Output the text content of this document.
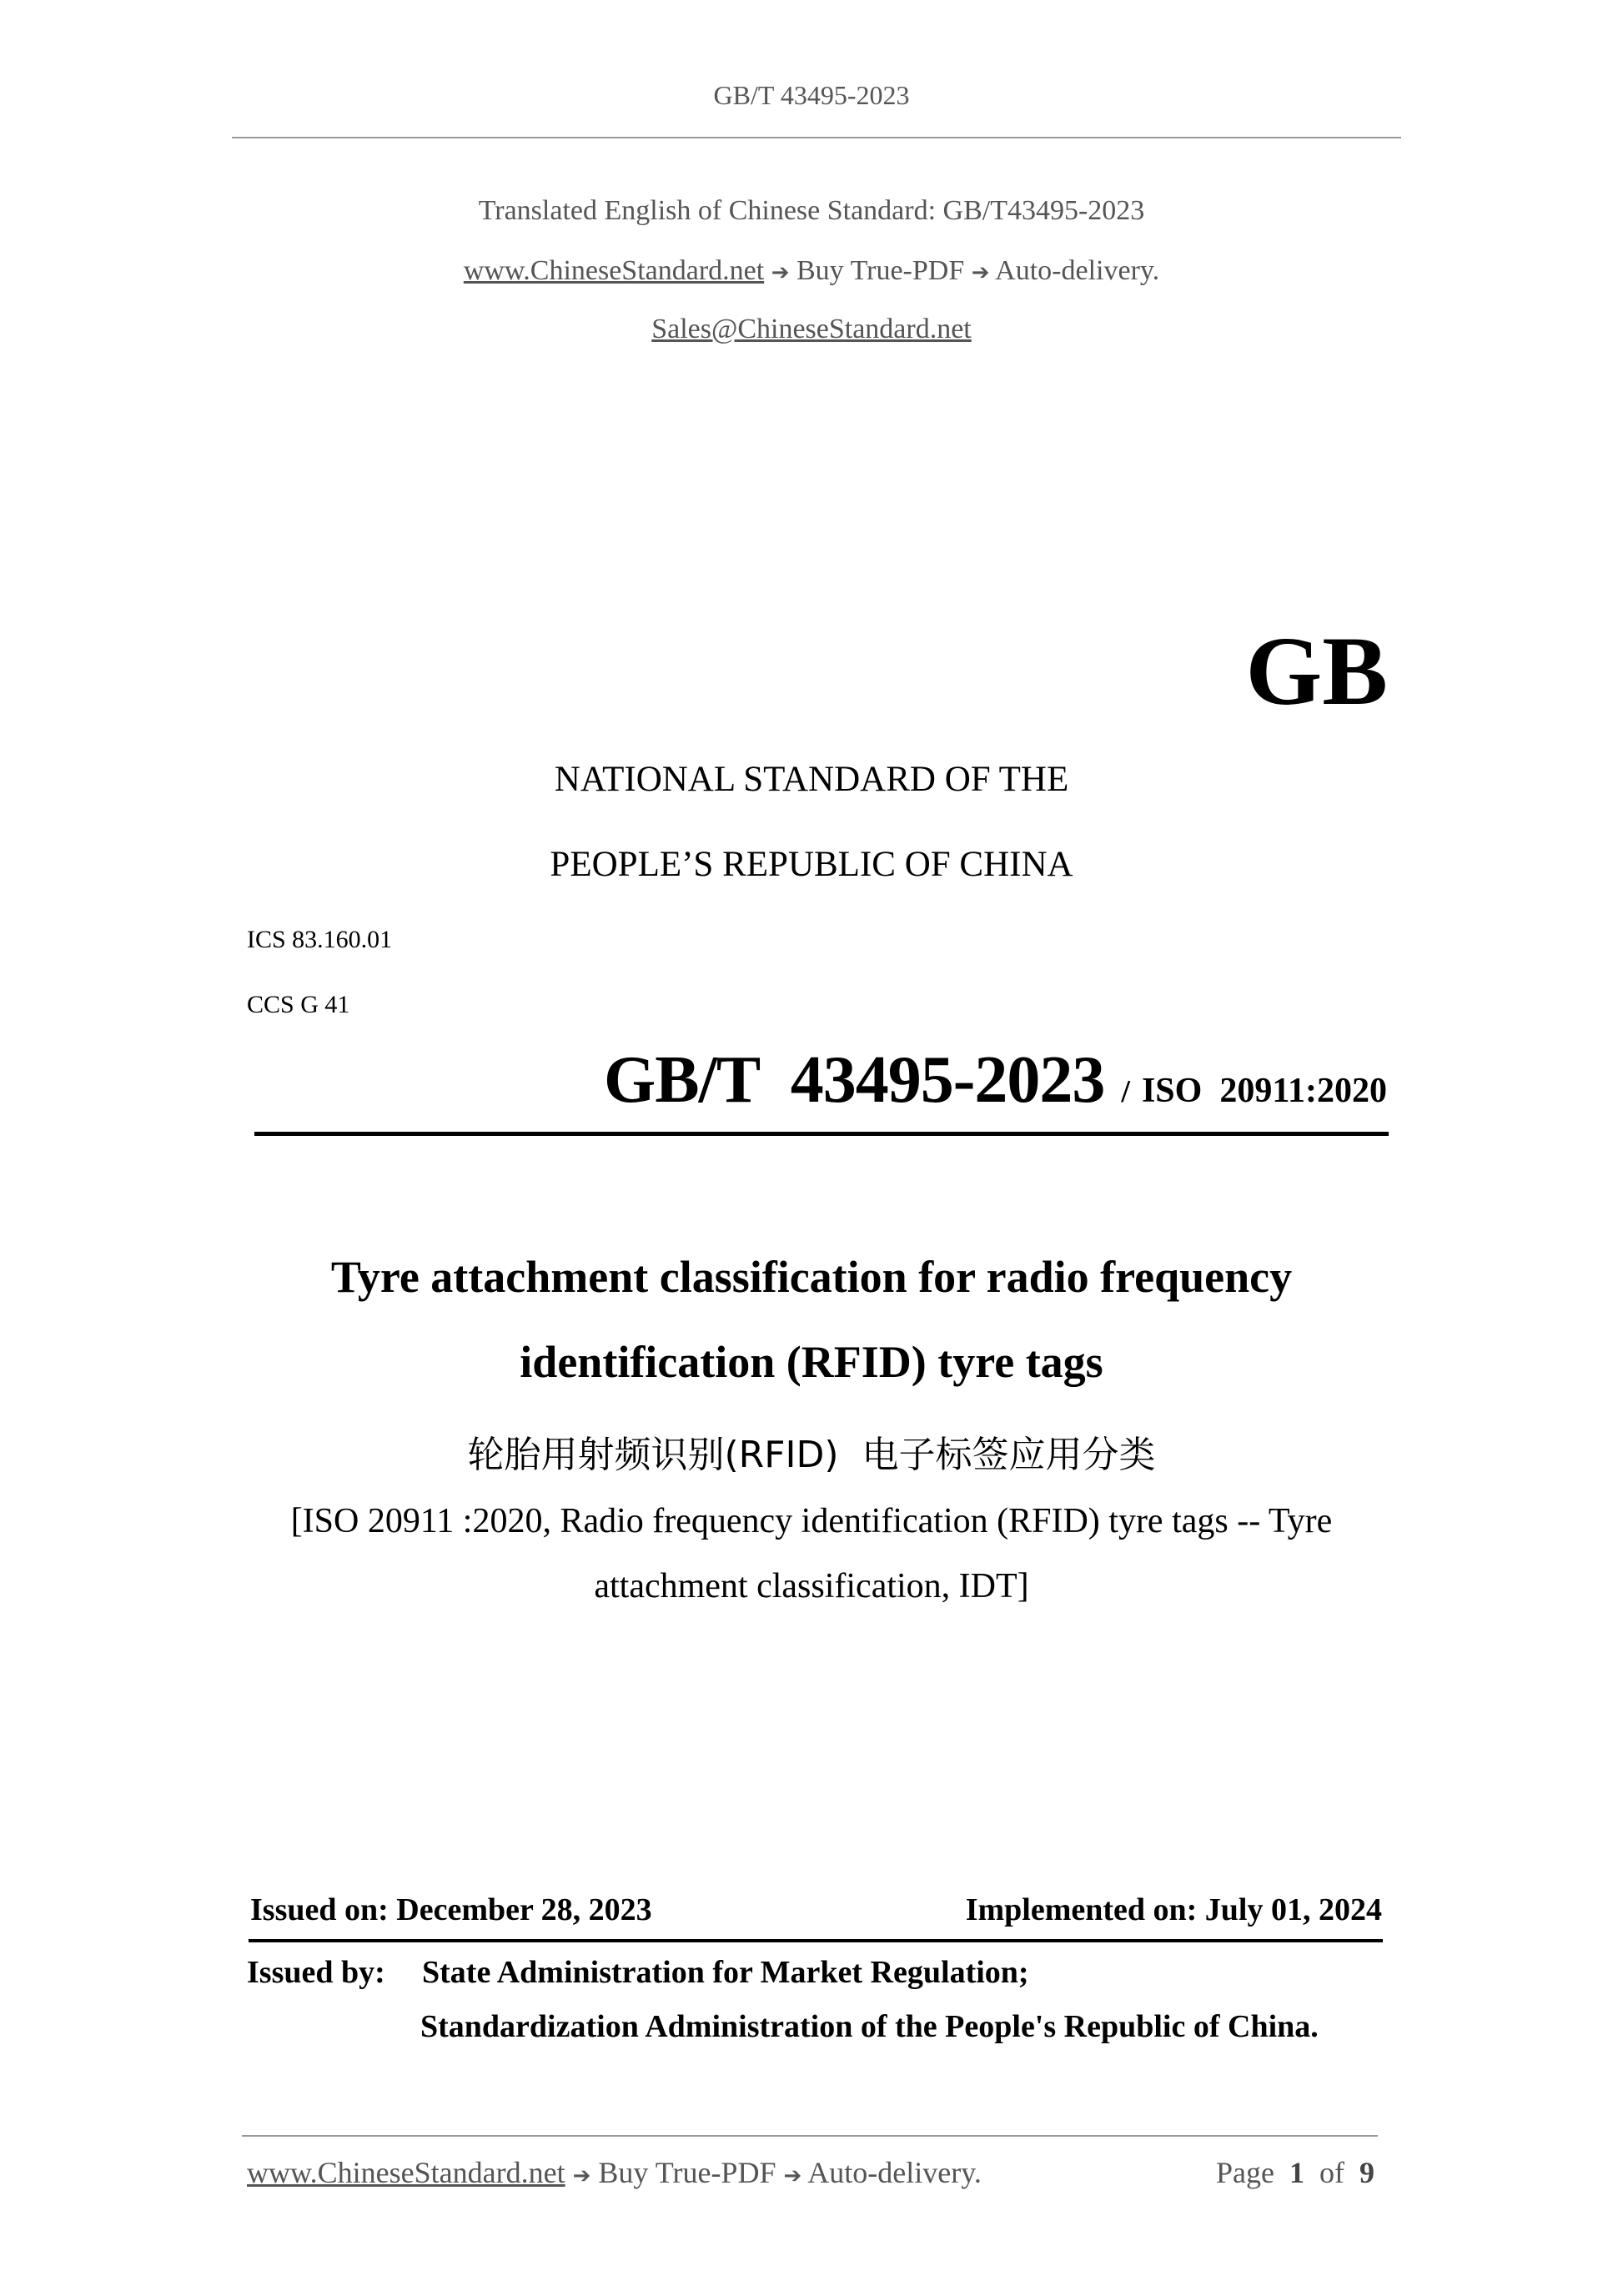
GB/T 43495-2023
Translated English of Chinese Standard: GB/T43495-2023
www.ChineseStandard.net ➔ Buy True-PDF ➔ Auto-delivery.
Sales@ChineseStandard.net
GB
NATIONAL STANDARD OF THE
PEOPLE’S REPUBLIC OF CHINA
ICS 83.160.01
CCS G 41
GB/T  43495-2023 / ISO  20911:2020
Tyre attachment classification for radio frequency
identification (RFID) tyre tags
轮胎用射频识别(RFID)  电子标签应用分类
[ISO 20911 :2020, Radio frequency identification (RFID) tyre tags -- Tyre
attachment classification, IDT]
Issued on: December 28, 2023	Implemented on: July 01, 2024
Issued by: State Administration for Market Regulation;
Standardization Administration of the People's Republic of China.
www.ChineseStandard.net ➔ Buy True-PDF ➔ Auto-delivery.	Page 1 of 9
